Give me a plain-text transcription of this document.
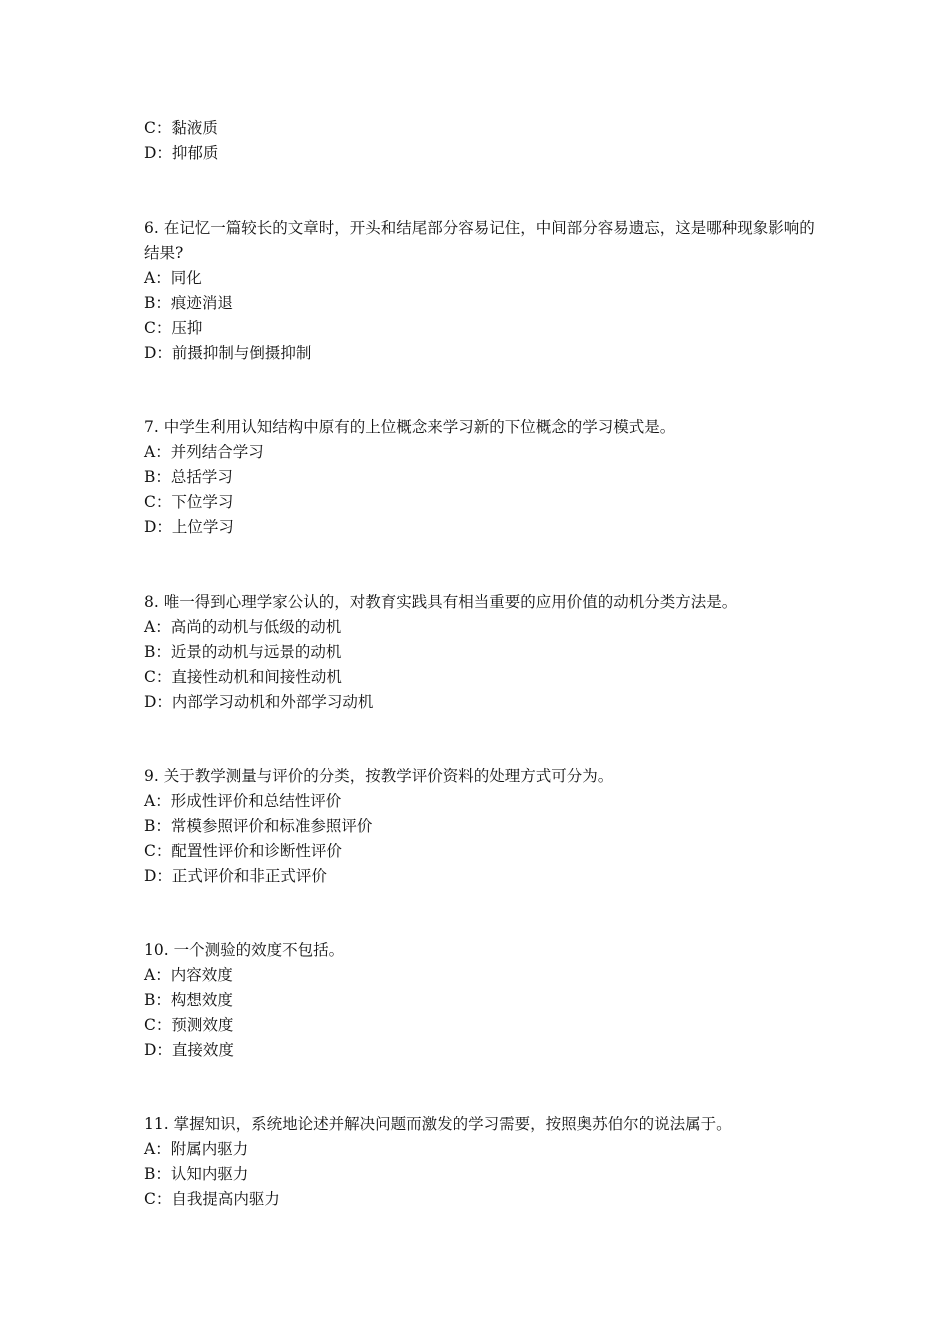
C：黏液质
D：抑郁质
6. 在记忆一篇较长的文章时，开头和结尾部分容易记住，中间部分容易遗忘，这是哪种现象影响的结果?
A：同化
B：痕迹消退
C：压抑
D：前摄抑制与倒摄抑制
7. 中学生利用认知结构中原有的上位概念来学习新的下位概念的学习模式是。
A：并列结合学习
B：总括学习
C：下位学习
D：上位学习
8. 唯一得到心理学家公认的，对教育实践具有相当重要的应用价值的动机分类方法是。
A：高尚的动机与低级的动机
B：近景的动机与远景的动机
C：直接性动机和间接性动机
D：内部学习动机和外部学习动机
9. 关于教学测量与评价的分类，按教学评价资料的处理方式可分为。
A：形成性评价和总结性评价
B：常模参照评价和标准参照评价
C：配置性评价和诊断性评价
D：正式评价和非正式评价
10. 一个测验的效度不包括。
A：内容效度
B：构想效度
C：预测效度
D：直接效度
11. 掌握知识，系统地论述并解决问题而激发的学习需要，按照奥苏伯尔的说法属于。
A：附属内驱力
B：认知内驱力
C：自我提高内驱力
